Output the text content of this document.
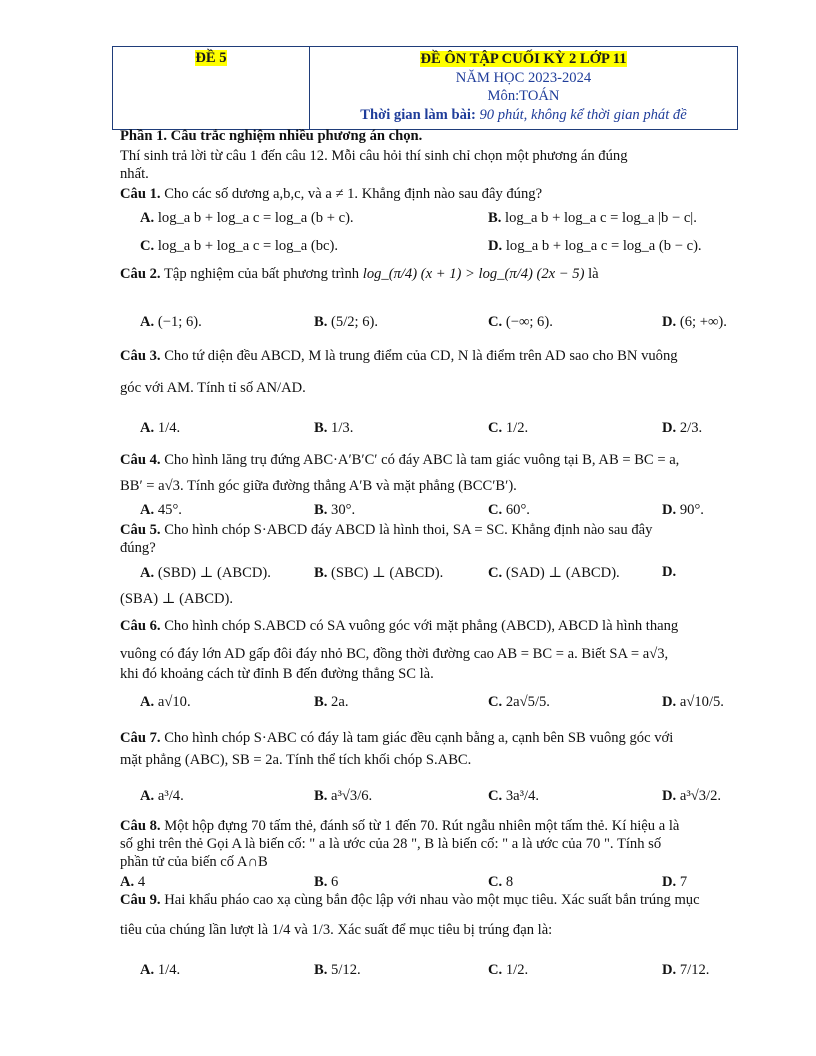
ĐỀ 5	ĐỀ ÔN TẬP CUỐI KỲ 2 LỚP 11
NĂM HỌC 2023-2024
Môn:TOÁN
Thời gian làm bài: 90 phút, không kể thời gian phát đề
Phần 1. Câu trắc nghiệm nhiều phương án chọn.
Thí sinh trả lời từ câu 1 đến câu 12. Mỗi câu hỏi thí sinh chỉ chọn một phương án đúng
nhất.
Câu 1. Cho các số dương a,b,c, và a ≠ 1. Khẳng định nào sau đây đúng?
A. log_a b + log_a c = log_a (b + c).	B. log_a b + log_a c = log_a |b − c|.
C. log_a b + log_a c = log_a (bc).	D. log_a b + log_a c = log_a (b − c).
Câu 2. Tập nghiệm của bất phương trình log_(π/4) (x + 1) > log_(π/4) (2x − 5) là
A. (−1; 6).	B. (5/2; 6).	C. (−∞; 6).	D. (6; +∞).
Câu 3. Cho tứ diện đều ABCD, M là trung điểm của CD, N là điểm trên AD sao cho BN vuông
góc với AM. Tính tỉ số AN/AD.
A. 1/4.	B. 1/3.	C. 1/2.	D. 2/3.
Câu 4. Cho hình lăng trụ đứng ABC·A′B′C′ có đáy ABC là tam giác vuông tại B, AB = BC = a,
BB′ = a√3. Tính góc giữa đường thẳng A′B và mặt phẳng (BCC′B′).
A. 45°.	B. 30°.	C. 60°.	D. 90°.
Câu 5. Cho hình chóp S·ABCD đáy ABCD là hình thoi, SA = SC. Khẳng định nào sau đây
đúng?
A. (SBD) ⊥ (ABCD).	B. (SBC) ⊥ (ABCD).	C. (SAD) ⊥ (ABCD).	D.
(SBA) ⊥ (ABCD).
Câu 6. Cho hình chóp S.ABCD có SA vuông góc với mặt phẳng (ABCD), ABCD là hình thang
vuông có đáy lớn AD gấp đôi đáy nhỏ BC, đồng thời đường cao AB = BC = a. Biết SA = a√3,
khi đó khoảng cách từ đỉnh B đến đường thẳng SC là.
A. a√10.	B. 2a.	C. 2a√5/5.	D. a√10/5.
Câu 7. Cho hình chóp S·ABC có đáy là tam giác đều cạnh bằng a, cạnh bên SB vuông góc với
mặt phẳng (ABC), SB = 2a. Tính thể tích khối chóp S.ABC.
A. a³/4.	B. a³√3/6.	C. 3a³/4.	D. a³√3/2.
Câu 8. Một hộp đựng 70 tấm thẻ, đánh số từ 1 đến 70. Rút ngẫu nhiên một tấm thẻ. Kí hiệu a là
số ghi trên thẻ Gọi A là biến cố: " a là ước của 28 ", B là biến cố: " a là ước của 70 ". Tính số
phần tử của biến cố A∩B
A. 4	B. 6	C. 8	D. 7
Câu 9. Hai khẩu pháo cao xạ cùng bắn độc lập với nhau vào một mục tiêu. Xác suất bắn trúng mục
tiêu của chúng lần lượt là 1/4 và 1/3. Xác suất để mục tiêu bị trúng đạn là:
A. 1/4.	B. 5/12.	C. 1/2.	D. 7/12.
